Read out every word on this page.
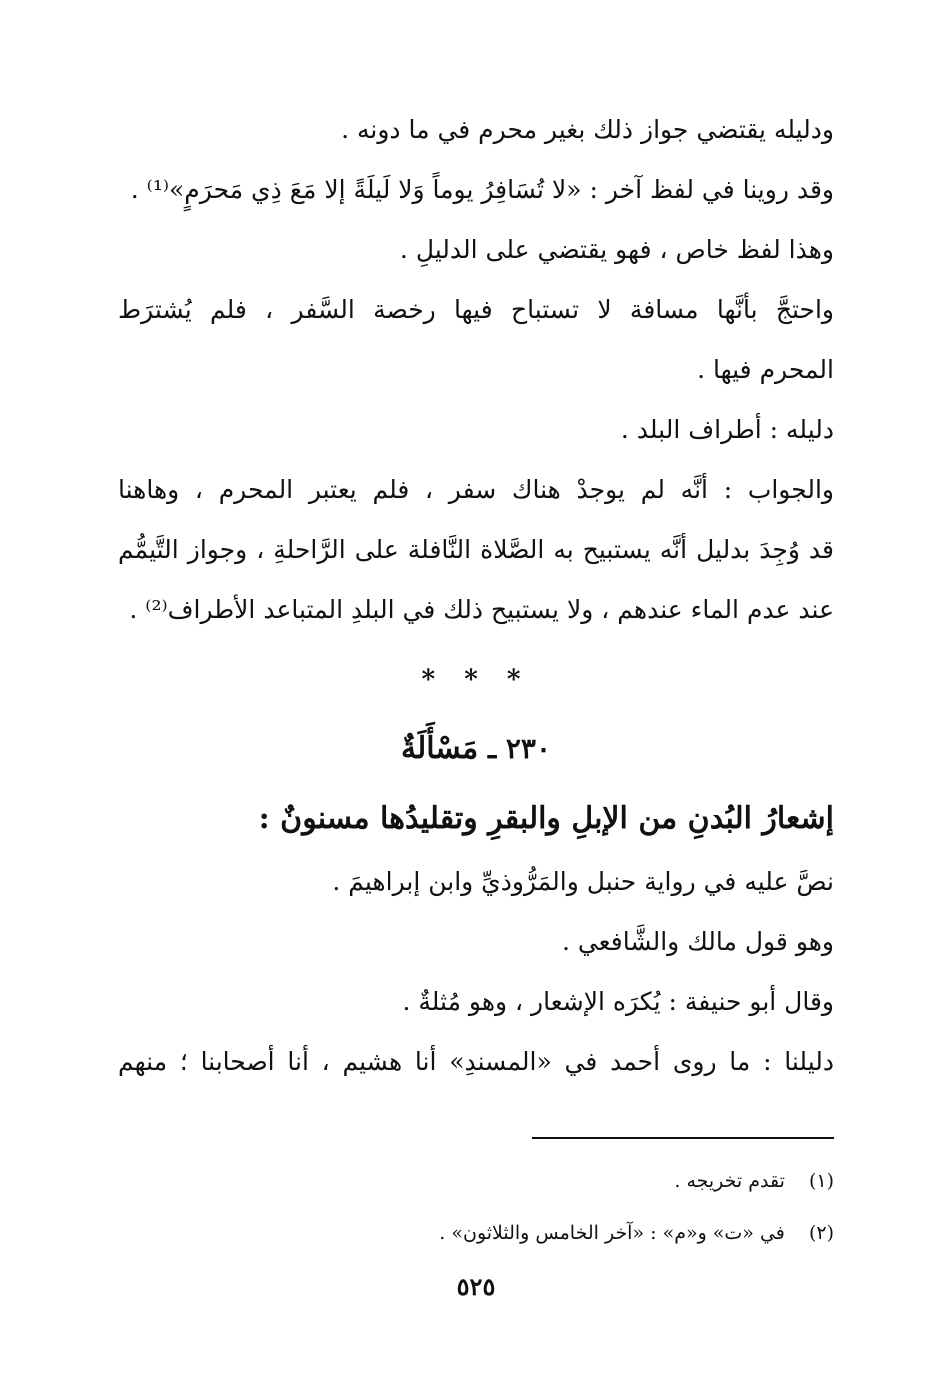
ودليله يقتضي جواز ذلك بغير محرم في ما دونه .
وقد روينا في لفظ آخر : «لا تُسَافِرُ يوماً وَلا لَيلَةً إلا مَعَ ذِي مَحرَمٍ»⁽¹⁾ .
وهذا لفظ خاص ، فهو يقتضي على الدليلِ .
واحتجَّ بأنَّها مسافة لا تستباح فيها رخصة السَّفر ، فلم يُشترَط
المحرم فيها .
دليله : أطراف البلد .
والجواب : أنَّه لم يوجدْ هناك سفر ، فلم يعتبر المحرم ، وهاهنا
قد وُجِدَ بدليل أنَّه يستبيح به الصَّلاة النَّافلة على الرَّاحلةِ ، وجواز التَّيمُّم
عند عدم الماء عندهم ، ولا يستبيح ذلك في البلدِ المتباعد الأطراف⁽²⁾ .
* * *
٢٣٠ ـ مَسْأَلَةٌ
إشعارُ البُدنِ من الإبلِ والبقرِ وتقليدُها مسنونٌ :
نصَّ عليه في رواية حنبل والمَرُّوذيِّ وابن إبراهيمَ .
وهو قول مالك والشَّافعي .
وقال أبو حنيفة : يُكرَه الإشعار ، وهو مُثلةٌ .
دليلنا : ما روى أحمد في «المسندِ» أنا هشيم ، أنا أصحابنا ؛ منهم
(١) تقدم تخريجه .
(٢) في «ت» و«م» : «آخر الخامس والثلاثون» .
٥٢٥
